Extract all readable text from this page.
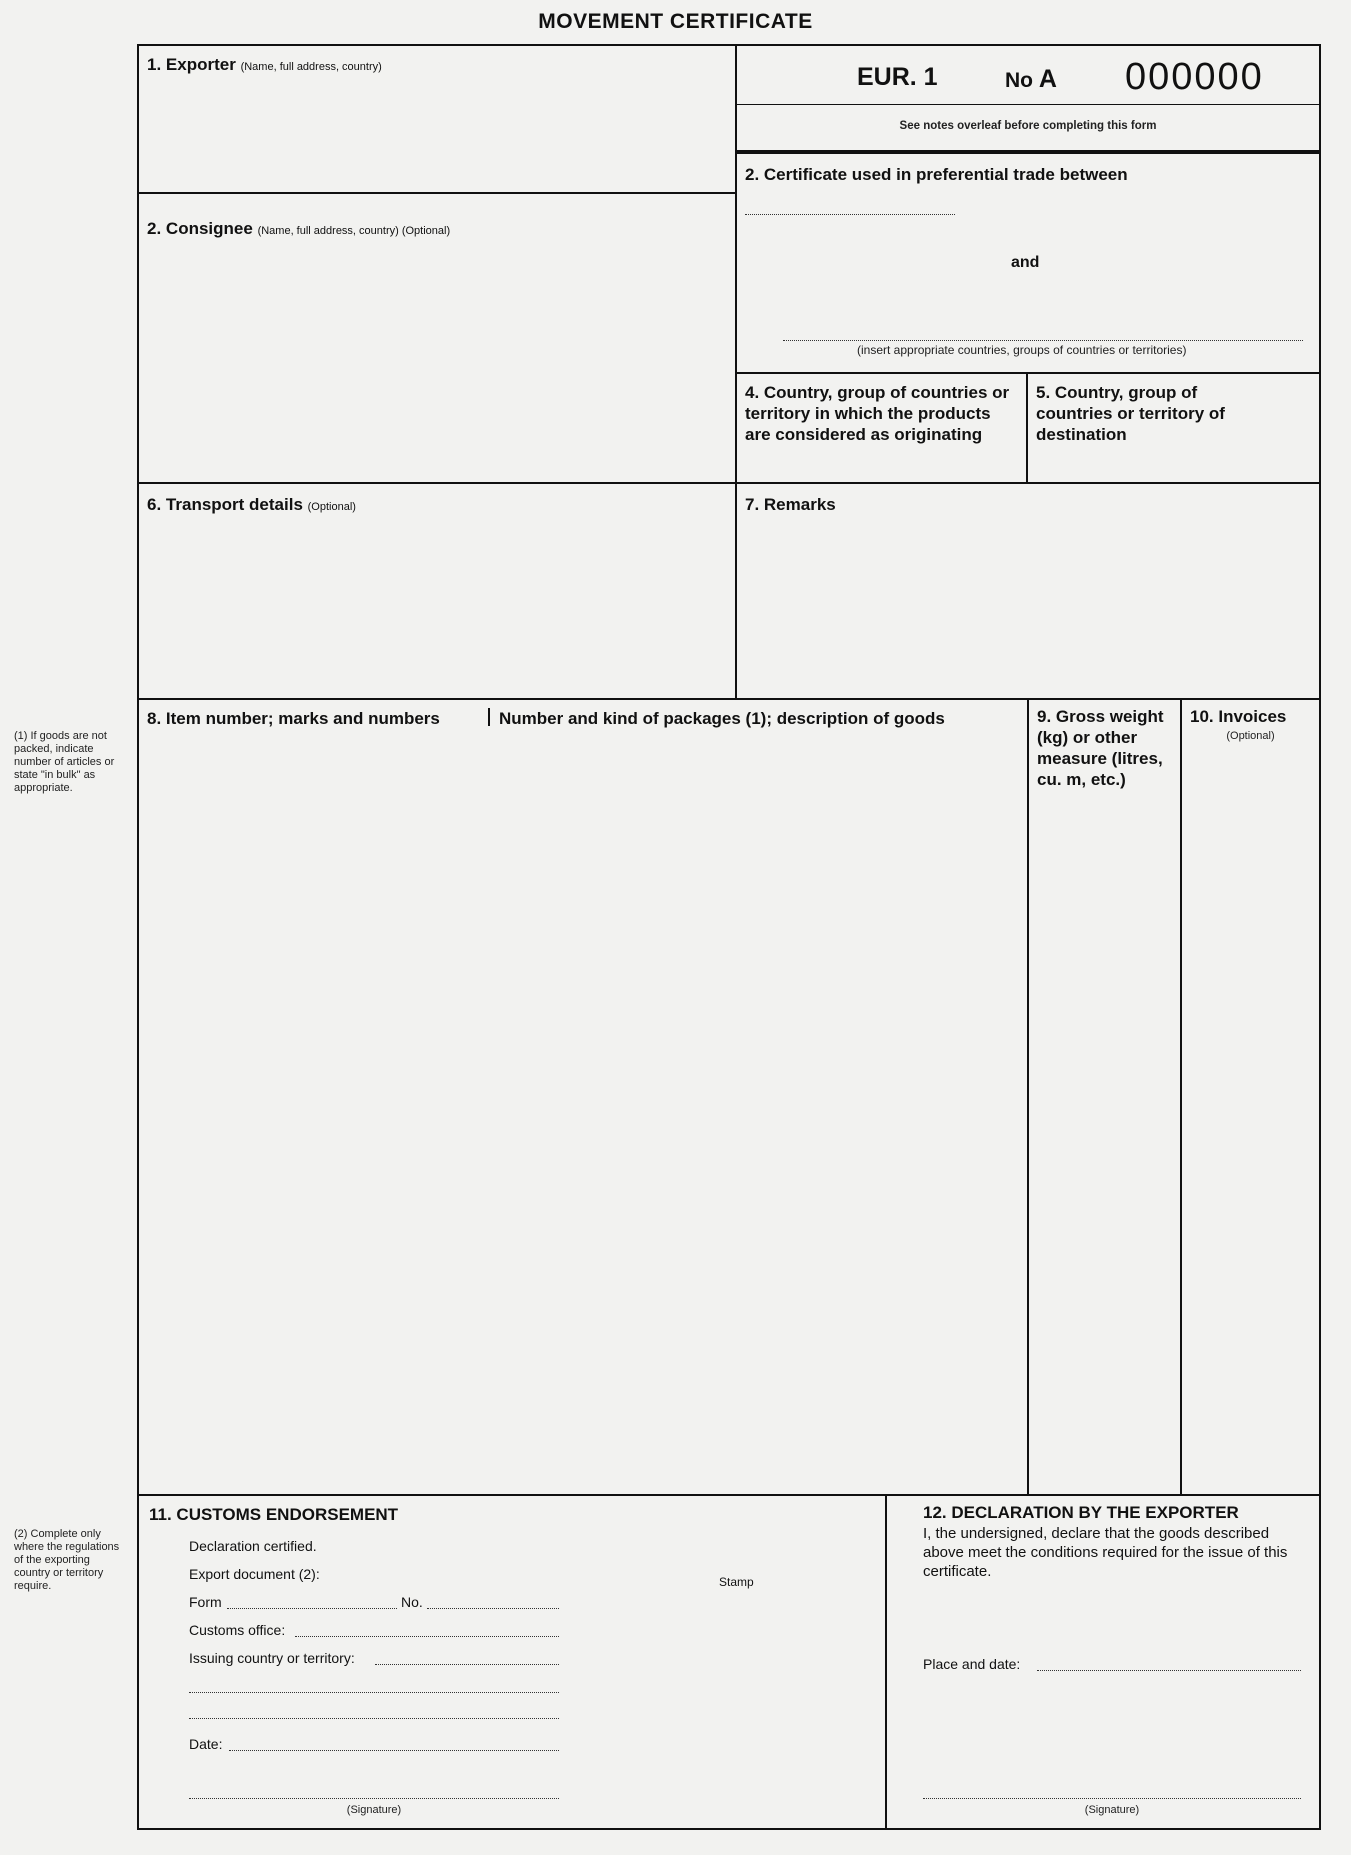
MOVEMENT CERTIFICATE
1. Exporter (Name, full address, country)	EUR. 1	No A 000000
See notes overleaf before completing this form
2. Certificate used in preferential trade between
and
(insert appropriate countries, groups of countries or territories)
2. Consignee (Name, full address, country) (Optional)
4. Country, group of countries or territory in which the products are considered as originating
5. Country, group of countries or territory of destination
6. Transport details (Optional)	7. Remarks
8. Item number; marks and numbers	Number and kind of packages (1); description of goods	9. Gross weight (kg) or other measure (litres, cu. m, etc.)
10. Invoices
(Optional)
(1) If goods are not packed, indicate number of articles or state "in bulk" as appropriate.
(2) Complete only where the regulations of the exporting country or territory require.
11. CUSTOMS ENDORSEMENT
Declaration certified.
Export document (2):
Form	No.
Customs office:
Issuing country or territory:
Date:
(Signature)
Stamp
12. DECLARATION BY THE EXPORTER
I, the undersigned, declare that the goods described above meet the conditions required for the issue of this certificate.
Place and date:
(Signature)
